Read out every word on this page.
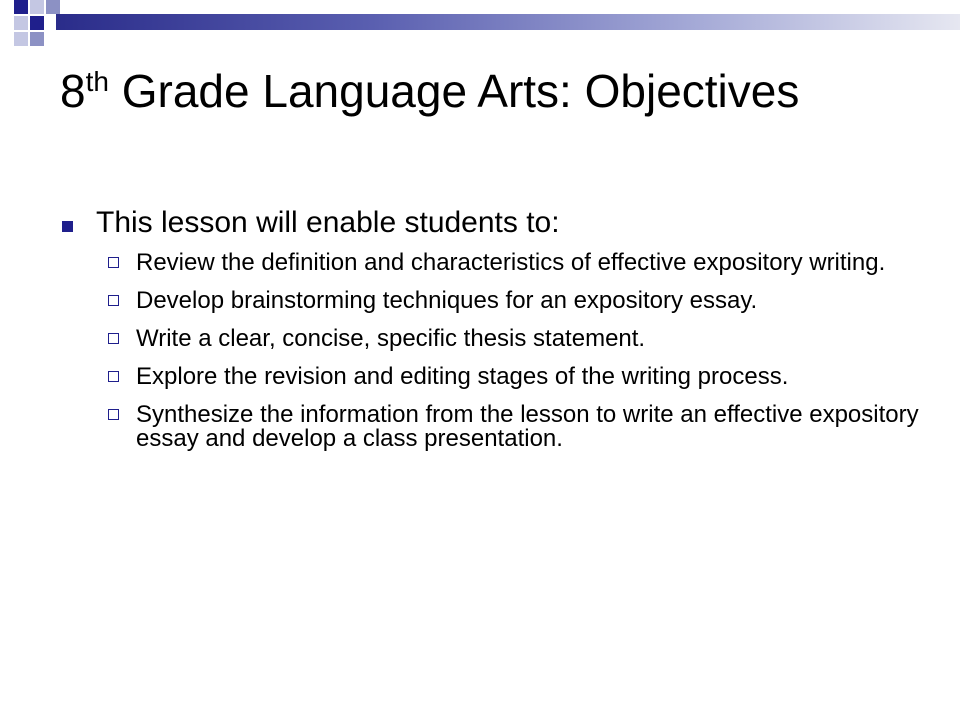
8th Grade Language Arts: Objectives
This lesson will enable students to:
Review the definition and characteristics of effective expository writing.
Develop brainstorming techniques for an expository essay.
Write a clear, concise, specific thesis statement.
Explore the revision and editing stages of the writing process.
Synthesize the information from the lesson to write an effective expository essay and develop a class presentation.
